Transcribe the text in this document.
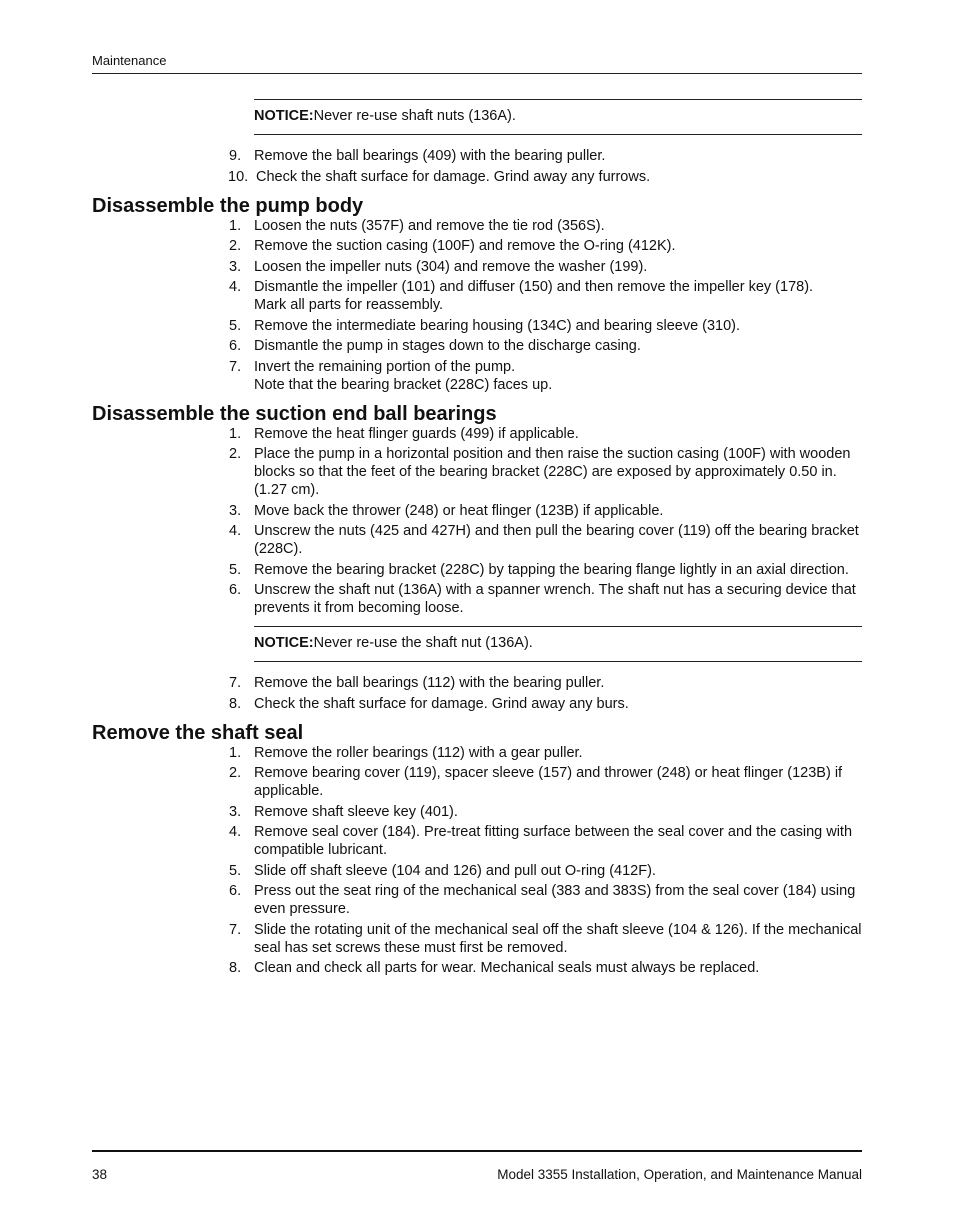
Maintenance
NOTICE:Never re-use shaft nuts (136A).
9. Remove the ball bearings (409) with the bearing puller.
10. Check the shaft surface for damage. Grind away any furrows.
Disassemble the pump body
1. Loosen the nuts (357F) and remove the tie rod (356S).
2. Remove the suction casing (100F) and remove the O-ring (412K).
3. Loosen the impeller nuts (304) and remove the washer (199).
4. Dismantle the impeller (101) and diffuser (150) and then remove the impeller key (178).
Mark all parts for reassembly.
5. Remove the intermediate bearing housing (134C) and bearing sleeve (310).
6. Dismantle the pump in stages down to the discharge casing.
7. Invert the remaining portion of the pump.
Note that the bearing bracket (228C) faces up.
Disassemble the suction end ball bearings
1. Remove the heat flinger guards (499) if applicable.
2. Place the pump in a horizontal position and then raise the suction casing (100F) with wooden blocks so that the feet of the bearing bracket (228C) are exposed by approximately 0.50 in. (1.27 cm).
3. Move back the thrower (248) or heat flinger (123B) if applicable.
4. Unscrew the nuts (425 and 427H) and then pull the bearing cover (119) off the bearing bracket (228C).
5. Remove the bearing bracket (228C) by tapping the bearing flange lightly in an axial direction.
6. Unscrew the shaft nut (136A) with a spanner wrench. The shaft nut has a securing device that prevents it from becoming loose.
NOTICE:Never re-use the shaft nut (136A).
7. Remove the ball bearings (112) with the bearing puller.
8. Check the shaft surface for damage. Grind away any burs.
Remove the shaft seal
1. Remove the roller bearings (112) with a gear puller.
2. Remove bearing cover (119), spacer sleeve (157) and thrower (248) or heat flinger (123B) if applicable.
3. Remove shaft sleeve key (401).
4. Remove seal cover (184). Pre-treat fitting surface between the seal cover and the casing with compatible lubricant.
5. Slide off shaft sleeve (104 and 126) and pull out O-ring (412F).
6. Press out the seat ring of the mechanical seal (383 and 383S) from the seal cover (184) using even pressure.
7. Slide the rotating unit of the mechanical seal off the shaft sleeve (104 & 126). If the mechanical seal has set screws these must first be removed.
8. Clean and check all parts for wear. Mechanical seals must always be replaced.
38	Model 3355 Installation, Operation, and Maintenance Manual
